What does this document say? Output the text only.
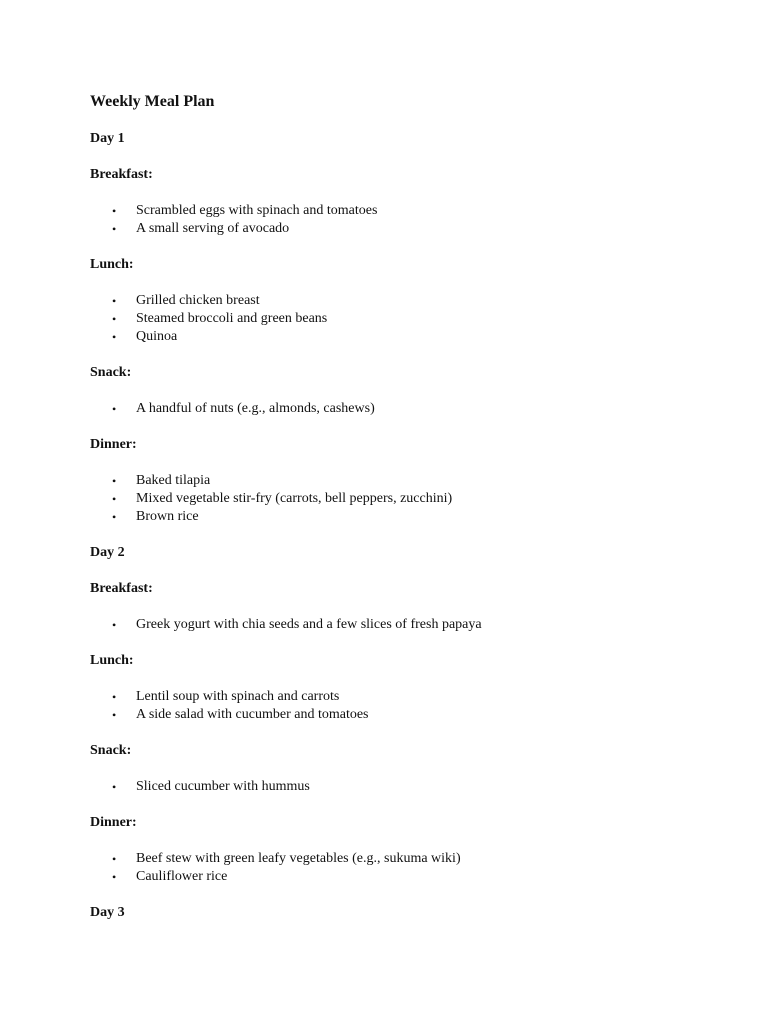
Weekly Meal Plan
Day 1
Breakfast:
• Scrambled eggs with spinach and tomatoes
• A small serving of avocado
Lunch:
• Grilled chicken breast
• Steamed broccoli and green beans
• Quinoa
Snack:
• A handful of nuts (e.g., almonds, cashews)
Dinner:
• Baked tilapia
• Mixed vegetable stir-fry (carrots, bell peppers, zucchini)
• Brown rice
Day 2
Breakfast:
• Greek yogurt with chia seeds and a few slices of fresh papaya
Lunch:
• Lentil soup with spinach and carrots
• A side salad with cucumber and tomatoes
Snack:
• Sliced cucumber with hummus
Dinner:
• Beef stew with green leafy vegetables (e.g., sukuma wiki)
• Cauliflower rice
Day 3
